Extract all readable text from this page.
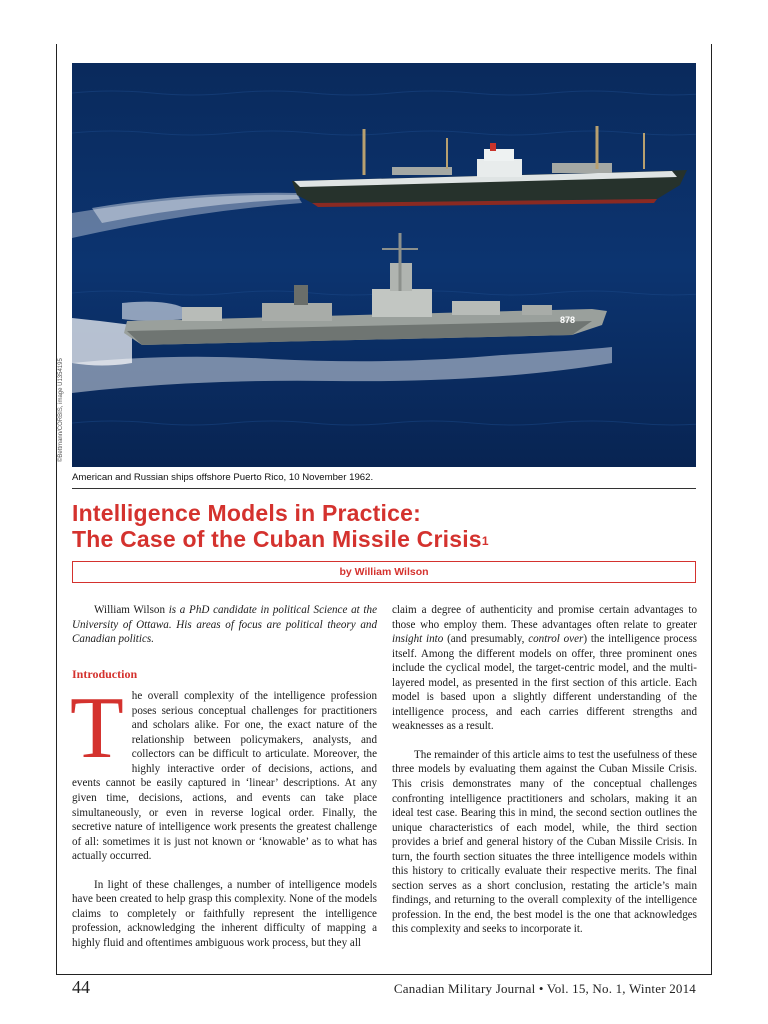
878
©Bettmann/CORBIS, image U1354195
American and Russian ships offshore Puerto Rico, 10 November 1962.
Intelligence Models in Practice:
The Case of the Cuban Missile Crisis$^1$
by William Wilson

William Wilson is a PhD candidate in political Science at the University of Ottawa. His areas of focus are political theory and Canadian politics.

Introduction

The overall complexity of the intelligence profession poses serious conceptual challenges for practitioners and scholars alike. For one, the exact nature of the relationship between policymakers, analysts, and collectors can be difficult to articulate. Moreover, the highly interactive order of decisions, actions, and events cannot be easily captured in ‘linear’ descriptions. At any given time, decisions, actions, and events can take place simultaneously, or even in reverse logical order. Finally, the secretive nature of intelligence work presents the greatest challenge of all: sometimes it is just not known or ‘knowable’ as to what has actually occurred.

In light of these challenges, a number of intelligence models have been created to help grasp this complexity. None of the models claims to completely or faithfully represent the intelligence profession, acknowledging the inherent difficulty of mapping a highly fluid and oftentimes ambiguous work process, but they all

claim a degree of authenticity and promise certain advantages to those who employ them. These advantages often relate to greater insight into (and presumably, control over) the intelligence process itself. Among the different models on offer, three prominent ones include the cyclical model, the target-centric model, and the multi-layered model, as presented in the first section of this article. Each model is based upon a slightly different understanding of the intelligence process, and each carries different strengths and weaknesses as a result.

The remainder of this article aims to test the usefulness of these three models by evaluating them against the Cuban Missile Crisis. This crisis demonstrates many of the conceptual challenges confronting intelligence practitioners and scholars, making it an ideal test case. Bearing this in mind, the second section outlines the unique characteristics of each model, while, the third section provides a brief and general history of the Cuban Missile Crisis. In turn, the fourth section situates the three intelligence models within this history to critically evaluate their respective merits. The final section serves as a short conclusion, restating the article’s main findings, and returning to the overall complexity of the intelligence profession. In the end, the best model is the one that acknowledges this complexity and seeks to incorporate it.

44	Canadian Military Journal • Vol. 15, No. 1, Winter 2014
